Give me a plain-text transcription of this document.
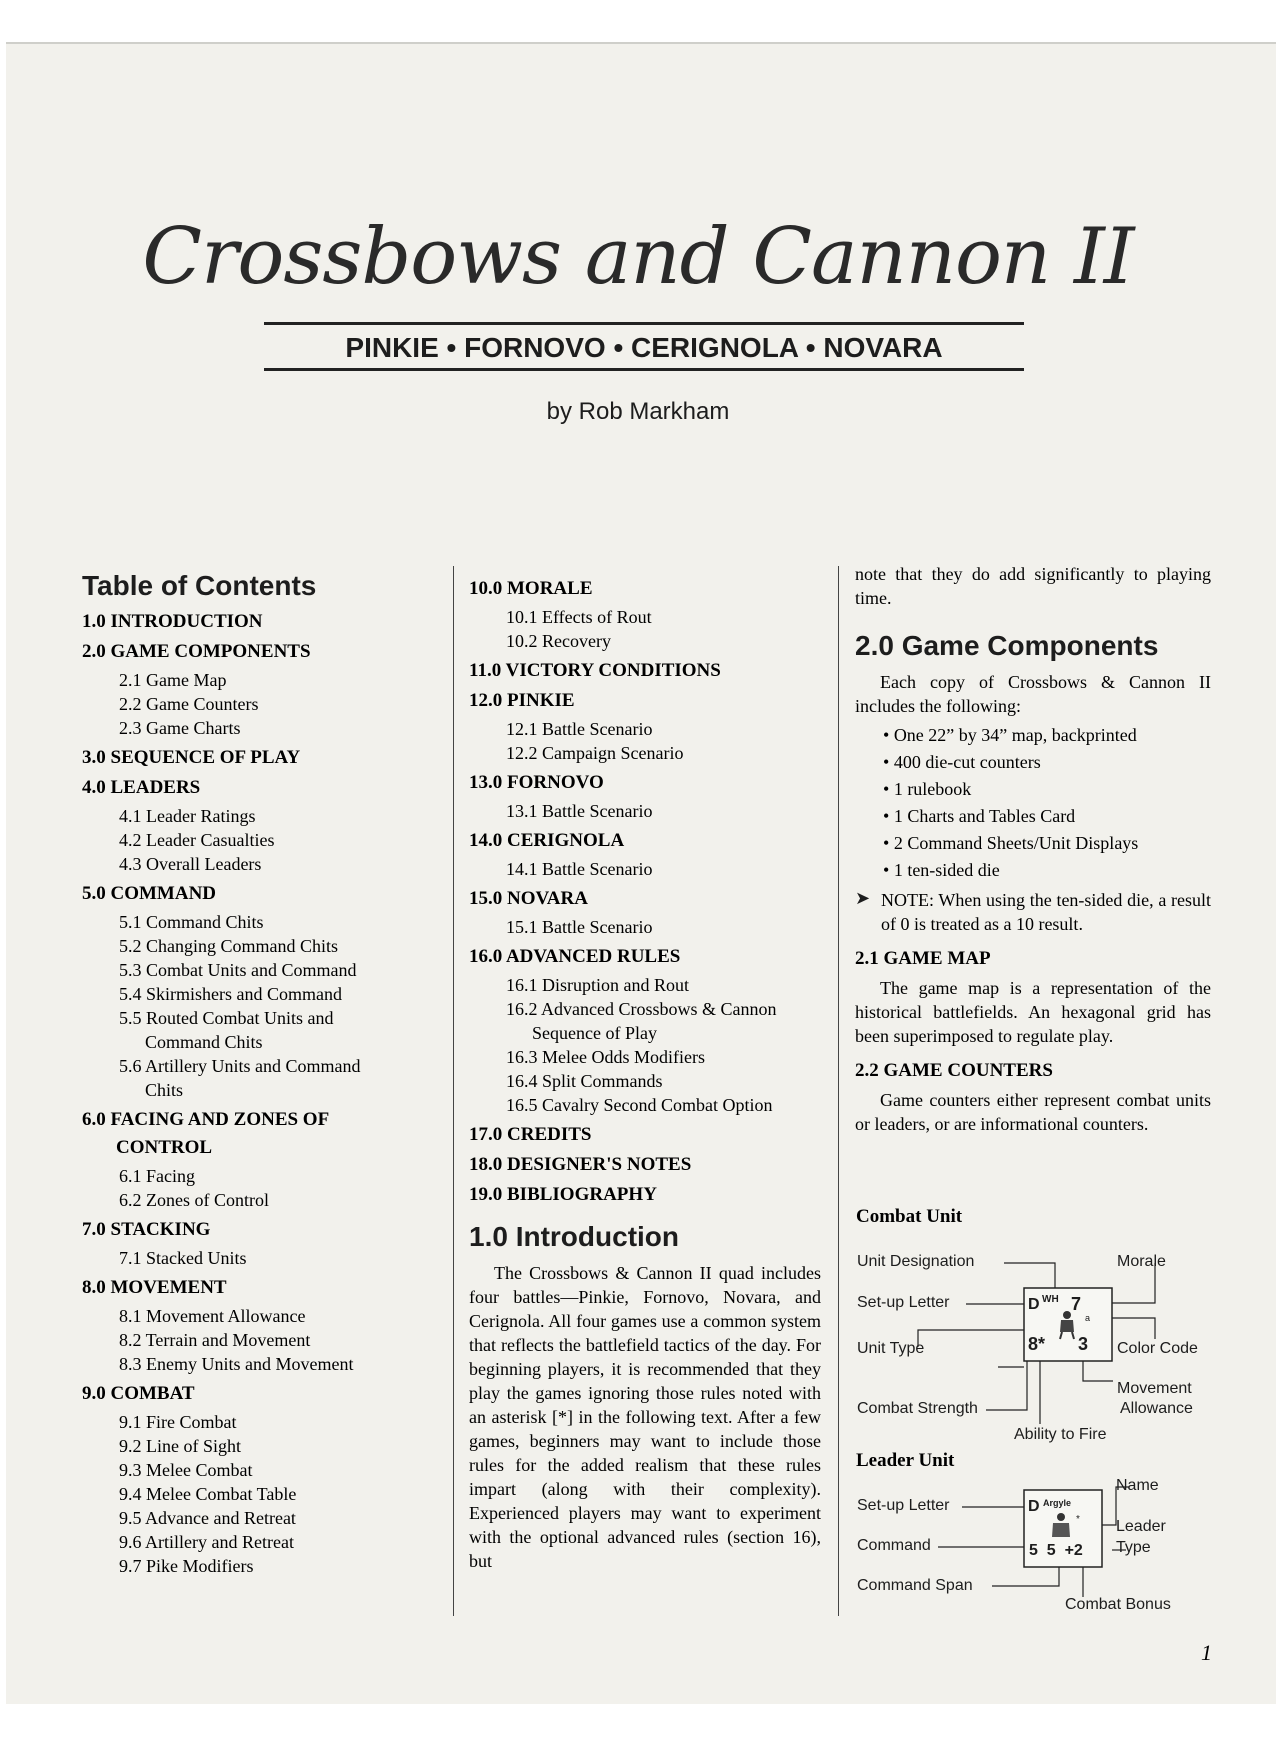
Crossbows and Cannon II
PINKIE • FORNOVO • CERIGNOLA • NOVARA
by Rob Markham
Table of Contents
1.0 INTRODUCTION
2.0 GAME COMPONENTS
2.1 Game Map
2.2 Game Counters
2.3 Game Charts
3.0 SEQUENCE OF PLAY
4.0 LEADERS
4.1 Leader Ratings
4.2 Leader Casualties
4.3 Overall Leaders
5.0 COMMAND
5.1 Command Chits
5.2 Changing Command Chits
5.3 Combat Units and Command
5.4 Skirmishers and Command
5.5 Routed Combat Units and
Command Chits
5.6 Artillery Units and Command
Chits
6.0 FACING AND ZONES OF
CONTROL
6.1 Facing
6.2 Zones of Control
7.0 STACKING
7.1 Stacked Units
8.0 MOVEMENT
8.1 Movement Allowance
8.2 Terrain and Movement
8.3 Enemy Units and Movement
9.0 COMBAT
9.1 Fire Combat
9.2 Line of Sight
9.3 Melee Combat
9.4 Melee Combat Table
9.5 Advance and Retreat
9.6 Artillery and Retreat
9.7 Pike Modifiers
10.0 MORALE
10.1 Effects of Rout
10.2 Recovery
11.0 VICTORY CONDITIONS
12.0 PINKIE
12.1 Battle Scenario
12.2 Campaign Scenario
13.0 FORNOVO
13.1 Battle Scenario
14.0 CERIGNOLA
14.1 Battle Scenario
15.0 NOVARA
15.1 Battle Scenario
16.0 ADVANCED RULES
16.1 Disruption and Rout
16.2 Advanced Crossbows & Cannon
Sequence of Play
16.3 Melee Odds Modifiers
16.4 Split Commands
16.5 Cavalry Second Combat Option
17.0 CREDITS
18.0 DESIGNER'S NOTES
19.0 BIBLIOGRAPHY
1.0 Introduction

The Crossbows & Cannon II quad includes four battles—Pinkie, Fornovo, Novara, and Cerignola. All four games use a common system that reflects the battlefield tactics of the day. For beginning players, it is recommended that they play the games ignoring those rules noted with an asterisk [*] in the following text. After a few games, beginners may want to include those rules for the added realism that these rules impart (along with their complexity). Experienced players may want to experiment with the optional advanced rules (section 16), but

note that they do add significantly to playing time.

2.0 Game Components

Each copy of Crossbows & Cannon II includes the following:

• One 22” by 34” map, backprinted
• 400 die-cut counters
• 1 rulebook
• 1 Charts and Tables Card
• 2 Command Sheets/Unit Displays
• 1 ten-sided die
➤ NOTE: When using the ten-sided die, a result of 0 is treated as a 10 result.

2.1 GAME MAP

The game map is a representation of the historical battlefields. An hexagonal grid has been superimposed to regulate play.

2.2 GAME COUNTERS

Game counters either represent combat units or leaders, or are informational counters.

Combat Unit

Unit Designation
Set-up Letter
Unit Type
Combat Strength
Morale
Color Code
Movement
Allowance
Ability to Fire
D WH 7
a
8* 3

Leader Unit

Set-up Letter
Command
Command Span
Name
Leader
Type
Combat Bonus
D Argyle
*
5  5  +2
1
